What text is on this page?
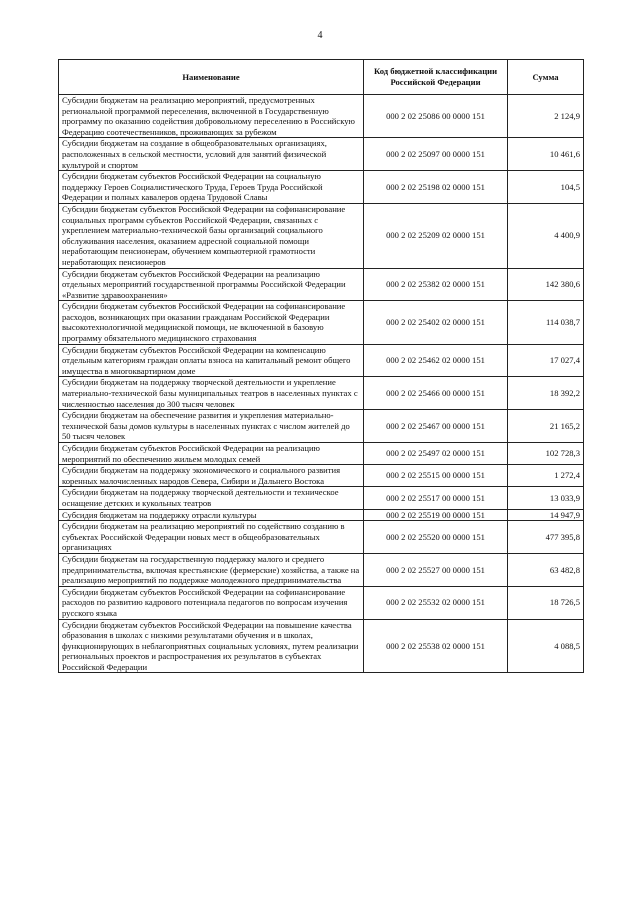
4
Наименование	Код бюджетной классификации Российской Федерации	Сумма
Субсидии бюджетам на реализацию мероприятий, предусмотренных региональной программой переселения, включенной в Государственную программу по оказанию содействия добровольному переселению в Российскую Федерацию соотечественников, проживающих за рубежом	000 2 02 25086 00 0000 151	2 124,9
Субсидии бюджетам на создание в общеобразовательных организациях, расположенных в сельской местности, условий для занятий физической культурой и спортом	000 2 02 25097 00 0000 151	10 461,6
Субсидии бюджетам субъектов Российской Федерации на социальную поддержку Героев Социалистического Труда, Героев Труда Российской Федерации и полных кавалеров ордена Трудовой Славы	000 2 02 25198 02 0000 151	104,5
Субсидии бюджетам субъектов Российской Федерации на софинансирование социальных программ субъектов Российской Федерации, связанных с укреплением материально-технической базы организаций социального обслуживания населения, оказанием адресной социальной помощи неработающим пенсионерам, обучением компьютерной грамотности неработающих пенсионеров	000 2 02 25209 02 0000 151	4 400,9
Субсидии бюджетам субъектов Российской Федерации на реализацию отдельных мероприятий государственной программы Российской Федерации «Развитие здравоохранения»	000 2 02 25382 02 0000 151	142 380,6
Субсидии бюджетам субъектов Российской Федерации на софинансирование расходов, возникающих при оказании гражданам Российской Федерации высокотехнологичной медицинской помощи, не включенной в базовую программу обязательного медицинского страхования	000 2 02 25402 02 0000 151	114 038,7
Субсидии бюджетам субъектов Российской Федерации на компенсацию отдельным категориям граждан оплаты взноса на капитальный ремонт общего имущества в многоквартирном доме	000 2 02 25462 02 0000 151	17 027,4
Субсидии бюджетам на поддержку творческой деятельности и укрепление материально-технической базы муниципальных театров в населенных пунктах с численностью населения до 300 тысяч человек	000 2 02 25466 00 0000 151	18 392,2
Субсидии бюджетам на обеспечение развития и укрепления материально-технической базы домов культуры в населенных пунктах с числом жителей до 50 тысяч человек	000 2 02 25467 00 0000 151	21 165,2
Субсидии бюджетам субъектов Российской Федерации на реализацию мероприятий по обеспечению жильем молодых семей	000 2 02 25497 02 0000 151	102 728,3
Субсидии бюджетам на поддержку экономического и социального развития коренных малочисленных народов Севера, Сибири и Дальнего Востока	000 2 02 25515 00 0000 151	1 272,4
Субсидии бюджетам на поддержку творческой деятельности и техническое оснащение детских и кукольных театров	000 2 02 25517 00 0000 151	13 033,9
Субсидия бюджетам на поддержку отрасли культуры	000 2 02 25519 00 0000 151	14 947,9
Субсидии бюджетам на реализацию мероприятий по содействию созданию в субъектах Российской Федерации новых мест в общеобразовательных организациях	000 2 02 25520 00 0000 151	477 395,8
Субсидии бюджетам на государственную поддержку малого и среднего предпринимательства, включая крестьянские (фермерские) хозяйства, а также на реализацию мероприятий по поддержке молодежного предпринимательства	000 2 02 25527 00 0000 151	63 482,8
Субсидии бюджетам субъектов Российской Федерации на софинансирование расходов по развитию кадрового потенциала педагогов по вопросам изучения русского языка	000 2 02 25532 02 0000 151	18 726,5
Субсидии бюджетам субъектов Российской Федерации на повышение качества образования в школах с низкими результатами обучения и в школах, функционирующих в неблагоприятных социальных условиях, путем реализации региональных проектов и распространения их результатов в субъектах Российской Федерации	000 2 02 25538 02 0000 151	4 088,5
